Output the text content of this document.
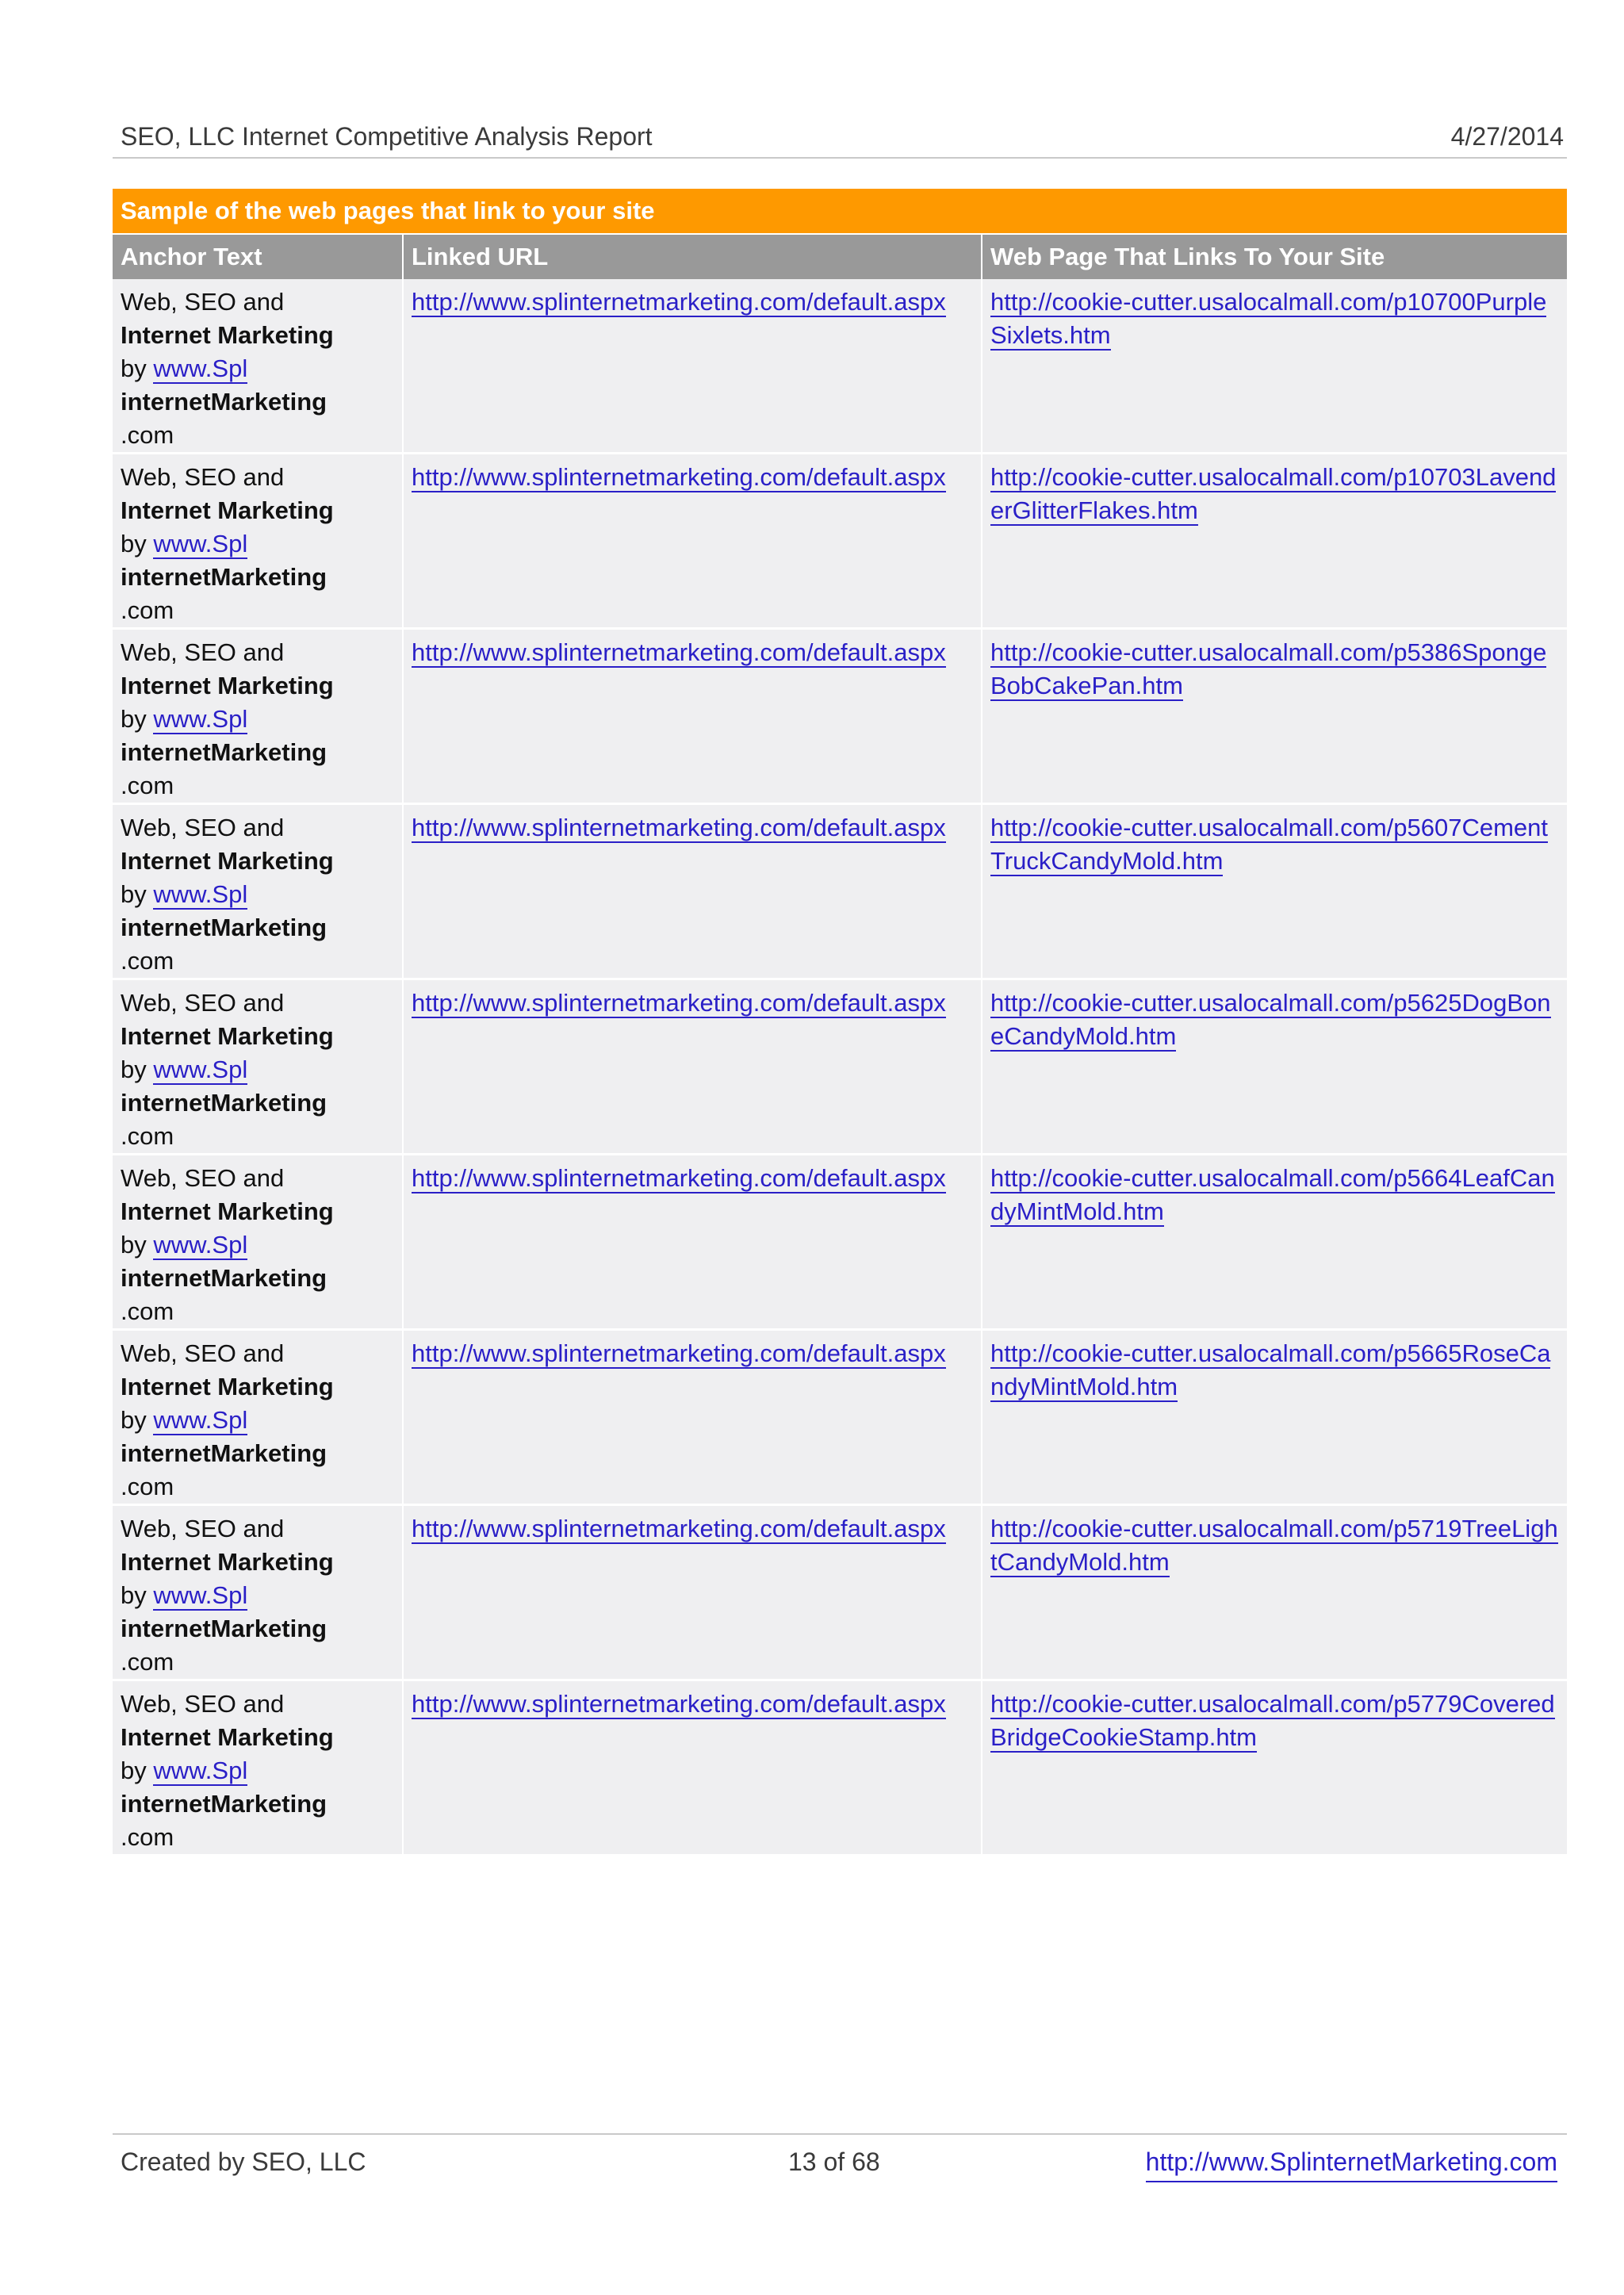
SEO, LLC Internet Competitive Analysis Report	4/27/2014
Sample of the web pages that link to your site		
Anchor Text	Linked URL	Web Page That Links To Your Site
Web, SEO and
Internet Marketing
by www.Spl
internetMarketing
.com	http://www.splinternetmarketing.com/default.aspx	http://cookie-cutter.usalocalmall.com/p10700PurpleSixlets.htm
Web, SEO and
Internet Marketing
by www.Spl
internetMarketing
.com	http://www.splinternetmarketing.com/default.aspx	http://cookie-cutter.usalocalmall.com/p10703LavenderGlitterFlakes.htm
Web, SEO and
Internet Marketing
by www.Spl
internetMarketing
.com	http://www.splinternetmarketing.com/default.aspx	http://cookie-cutter.usalocalmall.com/p5386SpongeBobCakePan.htm
Web, SEO and
Internet Marketing
by www.Spl
internetMarketing
.com	http://www.splinternetmarketing.com/default.aspx	http://cookie-cutter.usalocalmall.com/p5607CementTruckCandyMold.htm
Web, SEO and
Internet Marketing
by www.Spl
internetMarketing
.com	http://www.splinternetmarketing.com/default.aspx	http://cookie-cutter.usalocalmall.com/p5625DogBoneCandyMold.htm
Web, SEO and
Internet Marketing
by www.Spl
internetMarketing
.com	http://www.splinternetmarketing.com/default.aspx	http://cookie-cutter.usalocalmall.com/p5664LeafCandyMintMold.htm
Web, SEO and
Internet Marketing
by www.Spl
internetMarketing
.com	http://www.splinternetmarketing.com/default.aspx	http://cookie-cutter.usalocalmall.com/p5665RoseCandyMintMold.htm
Web, SEO and
Internet Marketing
by www.Spl
internetMarketing
.com	http://www.splinternetmarketing.com/default.aspx	http://cookie-cutter.usalocalmall.com/p5719TreeLightCandyMold.htm
Web, SEO and
Internet Marketing
by www.Spl
internetMarketing
.com	http://www.splinternetmarketing.com/default.aspx	http://cookie-cutter.usalocalmall.com/p5779CoveredBridgeCookieStamp.htm
Created by SEO, LLC	13 of 68	http://www.SplinternetMarketing.com
